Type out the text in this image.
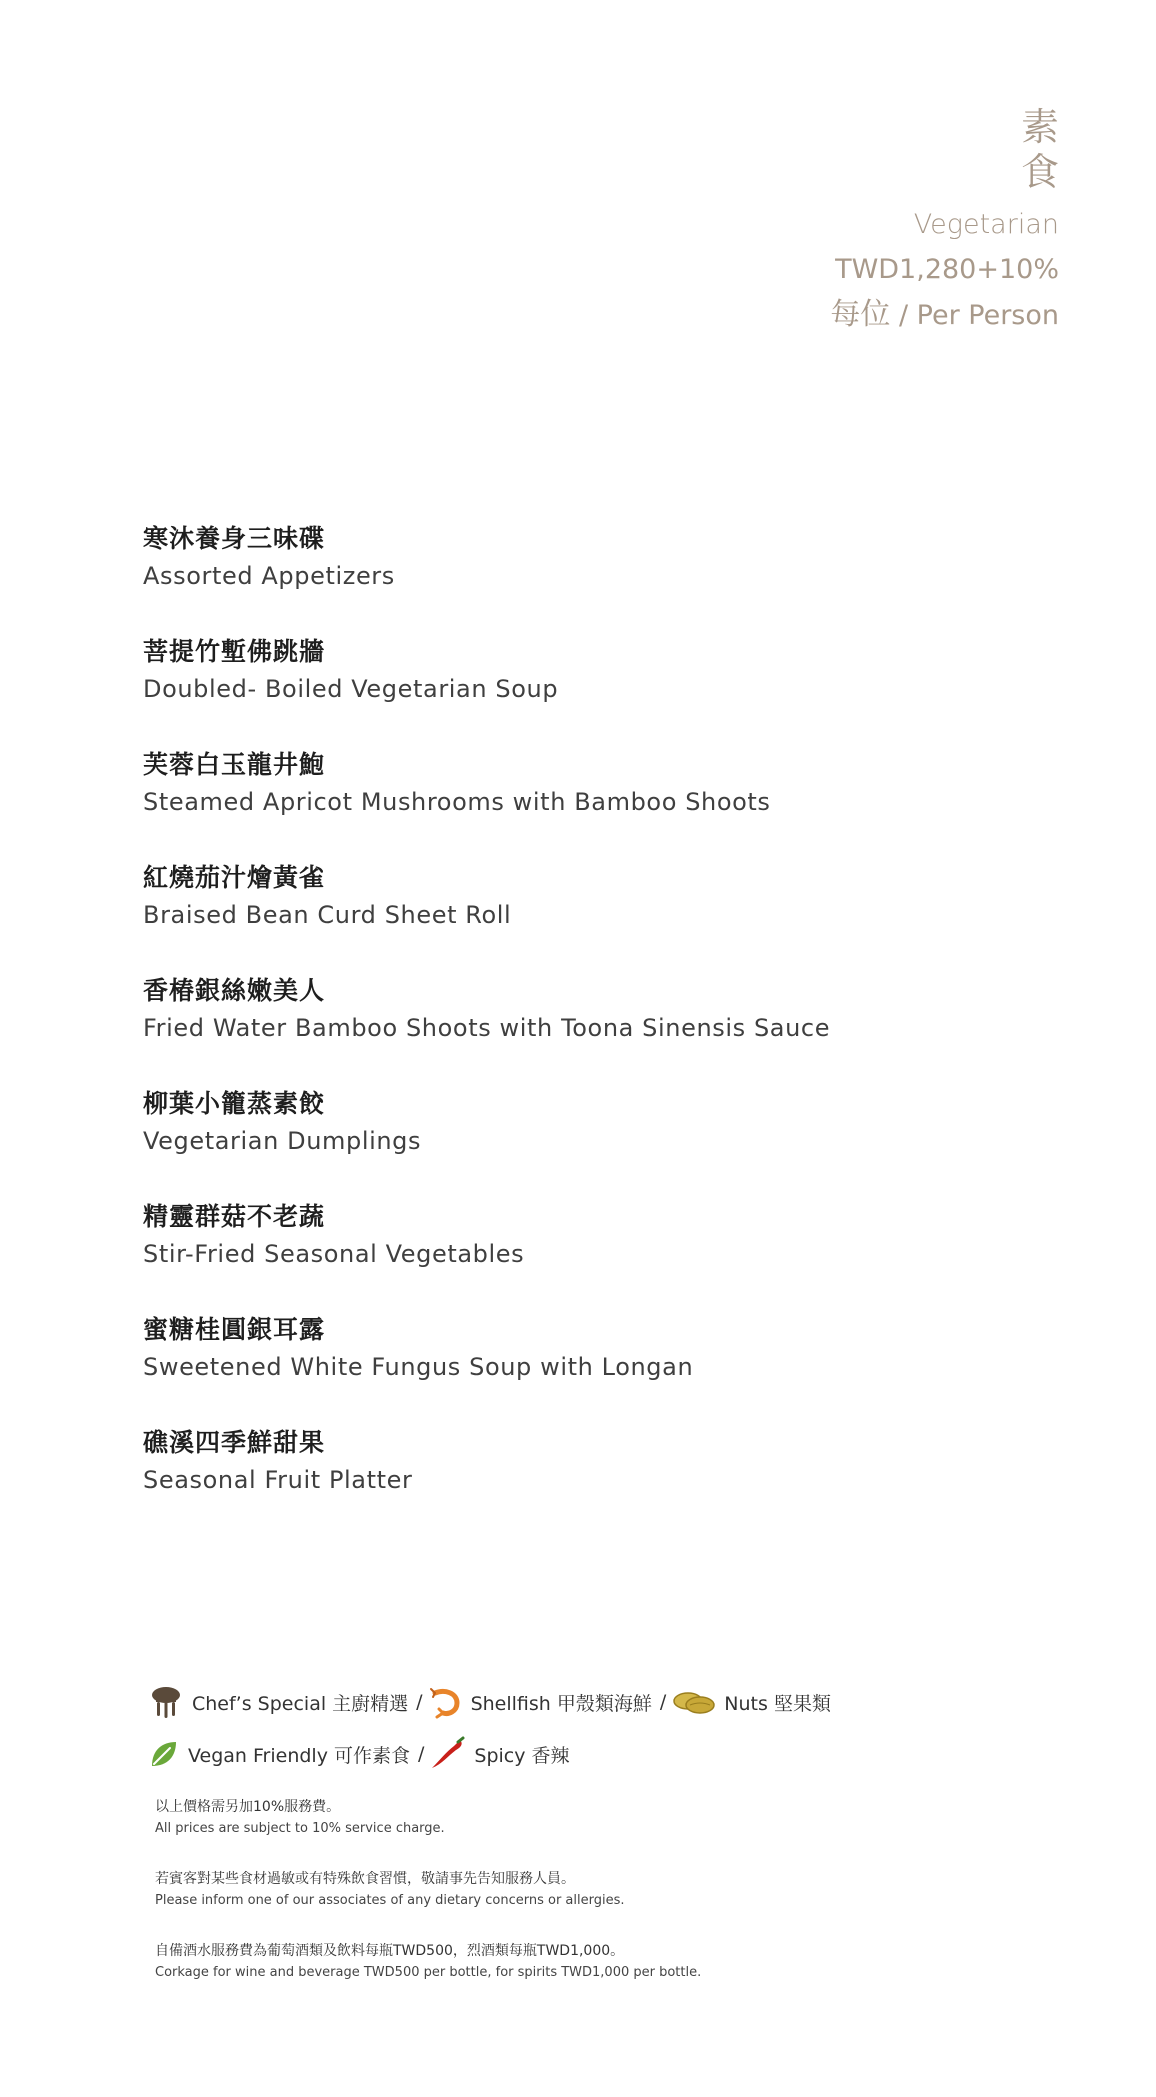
素
食
Vegetarian
TWD1,280+10%
每位 / Per Person
寒沐養身三味碟
Assorted Appetizers
菩提竹塹佛跳牆
Doubled- Boiled Vegetarian Soup
芙蓉白玉龍井鮑
Steamed Apricot Mushrooms with Bamboo Shoots
紅燒茄汁燴黃雀
Braised Bean Curd Sheet Roll
香椿銀絲嫩美人
Fried Water Bamboo Shoots with Toona Sinensis Sauce
柳葉小籠蒸素餃
Vegetarian Dumplings
精靈群菇不老蔬
Stir-Fried Seasonal Vegetables
蜜糖桂圓銀耳露
Sweetened White Fungus Soup with Longan
礁溪四季鮮甜果
Seasonal Fruit Platter
Chef’s Special 主廚精選 /	Shellfish 甲殼類海鮮 /	Nuts 堅果類
Vegan Friendly 可作素食 /	Spicy 香辣
以上價格需另加10%服務費。
All prices are subject to 10% service charge.
若賓客對某些食材過敏或有特殊飲食習慣，敬請事先告知服務人員。
Please inform one of our associates of any dietary concerns or allergies.
自備酒水服務費為葡萄酒類及飲料每瓶TWD500，烈酒類每瓶TWD1,000。
Corkage for wine and beverage TWD500 per bottle, for spirits TWD1,000 per bottle.
